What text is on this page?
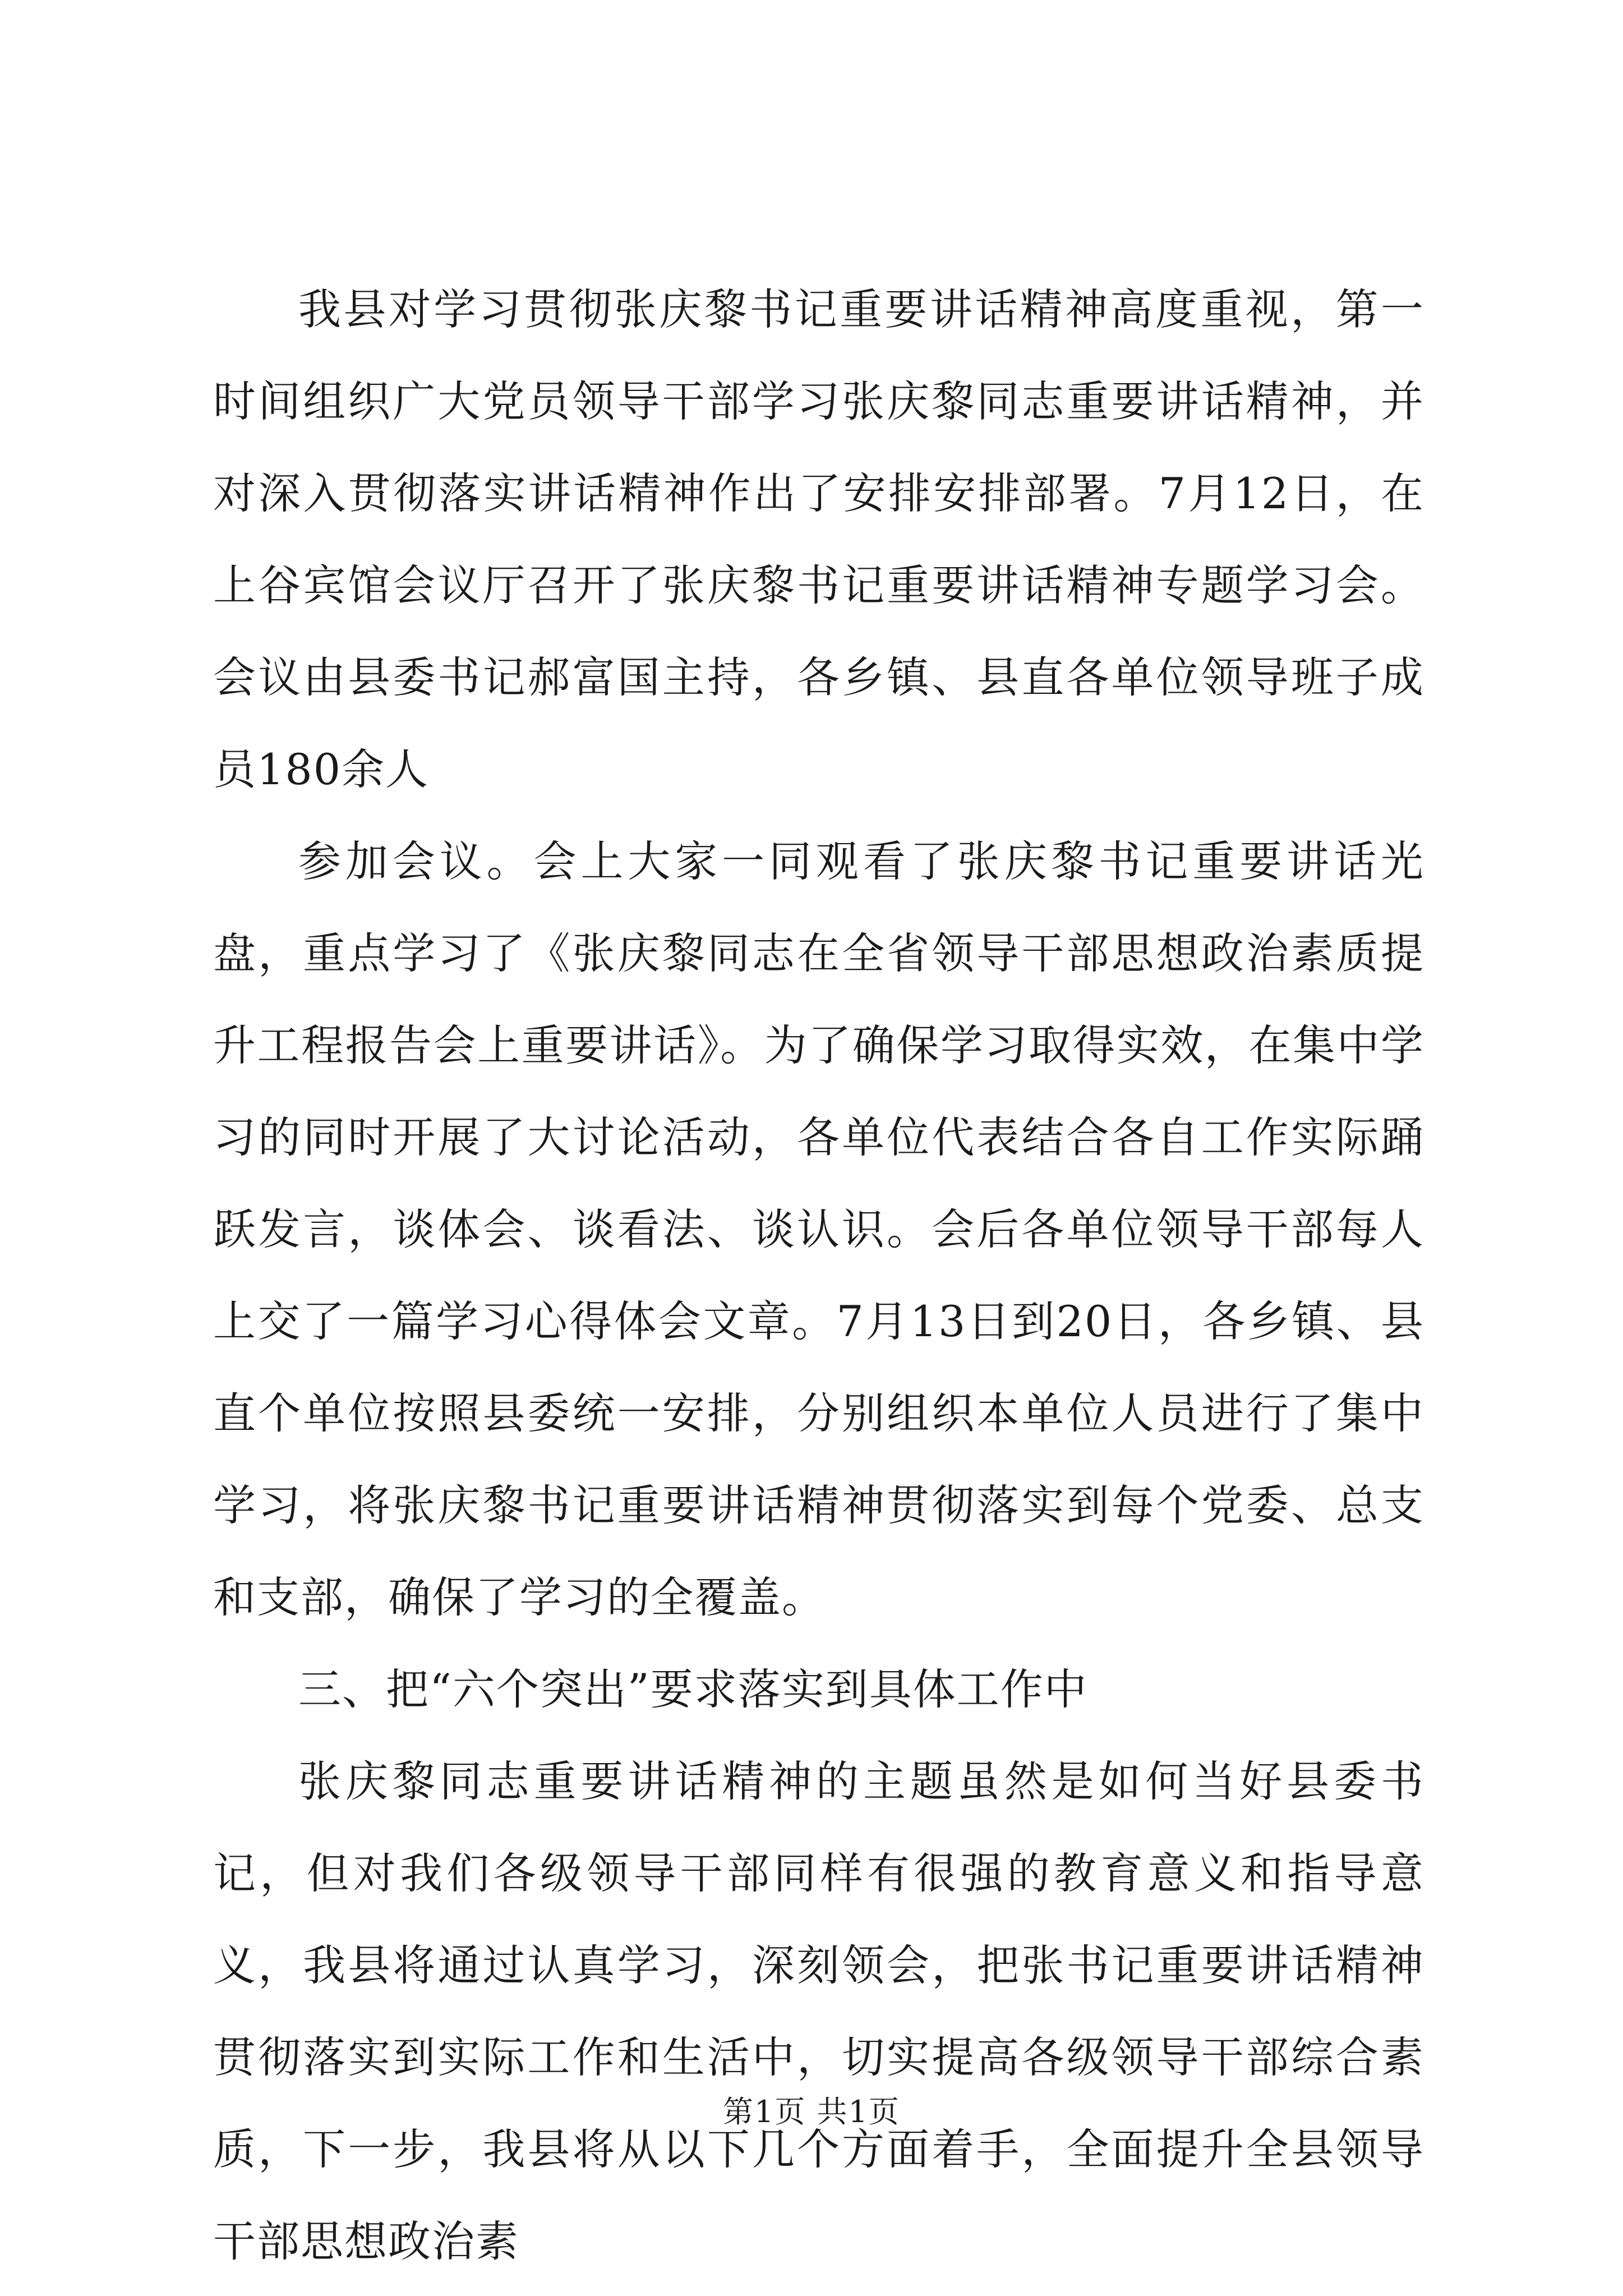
我县对学习贯彻张庆黎书记重要讲话精神高度重视，第一时间组织广大党员领导干部学习张庆黎同志重要讲话精神，并对深入贯彻落实讲话精神作出了安排安排部署。7月12日，在上谷宾馆会议厅召开了张庆黎书记重要讲话精神专题学习会。会议由县委书记郝富国主持，各乡镇、县直各单位领导班子成员180余人

参加会议。会上大家一同观看了张庆黎书记重要讲话光盘，重点学习了《张庆黎同志在全省领导干部思想政治素质提升工程报告会上重要讲话》。为了确保学习取得实效，在集中学习的同时开展了大讨论活动，各单位代表结合各自工作实际踊跃发言，谈体会、谈看法、谈认识。会后各单位领导干部每人上交了一篇学习心得体会文章。7月13日到20日，各乡镇、县直个单位按照县委统一安排，分别组织本单位人员进行了集中学习，将张庆黎书记重要讲话精神贯彻落实到每个党委、总支和支部，确保了学习的全覆盖。

三、把“六个突出”要求落实到具体工作中

张庆黎同志重要讲话精神的主题虽然是如何当好县委书记，但对我们各级领导干部同样有很强的教育意义和指导意义，我县将通过认真学习，深刻领会，把张书记重要讲话精神贯彻落实到实际工作和生活中，切实提高各级领导干部综合素质，下一步，我县将从以下几个方面着手，全面提升全县领导干部思想政治素

第1页 共1页
